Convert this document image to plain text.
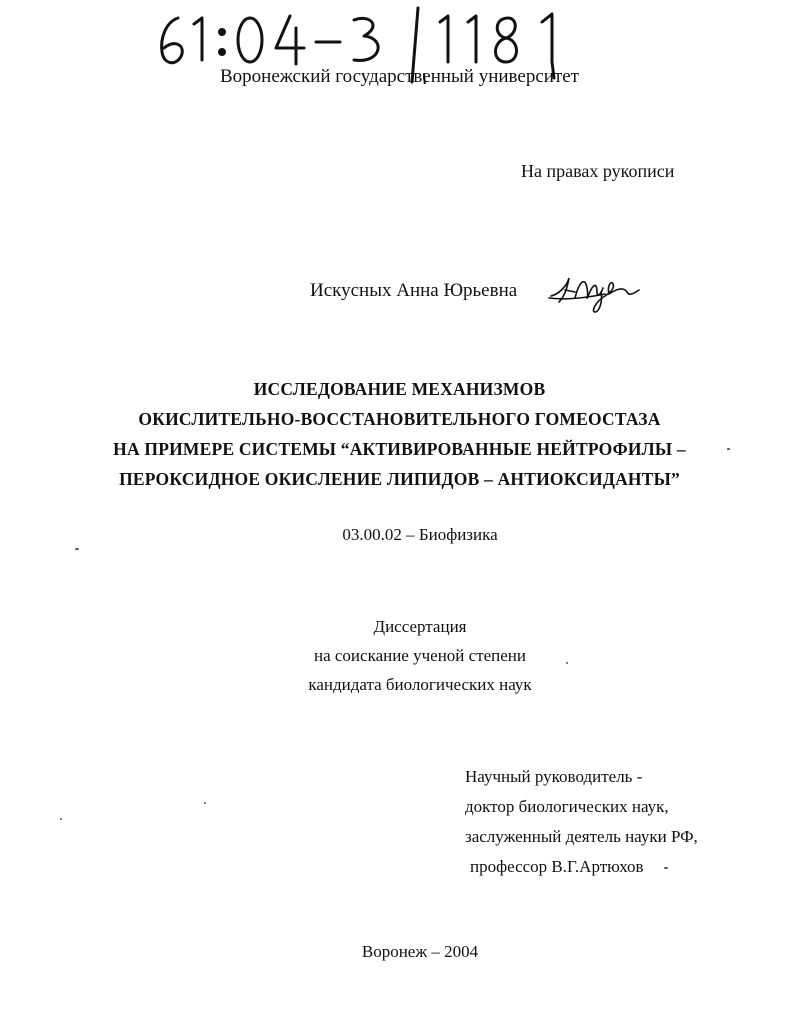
Воронежский государственный университет
На правах рукописи
Искусных Анна Юрьевна
ИССЛЕДОВАНИЕ МЕХАНИЗМОВ
ОКИСЛИТЕЛЬНО-ВОССТАНОВИТЕЛЬНОГО ГОМЕОСТАЗА
НА ПРИМЕРЕ СИСТЕМЫ “АКТИВИРОВАННЫЕ НЕЙТРОФИЛЫ –
ПЕРОКСИДНОЕ ОКИСЛЕНИЕ ЛИПИДОВ – АНТИОКСИДАНТЫ”
03.00.02 – Биофизика
Диссертация
на соискание ученой степени
кандидата биологических наук
Научный руководитель -
доктор биологических наук,
заслуженный деятель науки РФ,
профессор В.Г.Артюхов
Воронеж – 2004
